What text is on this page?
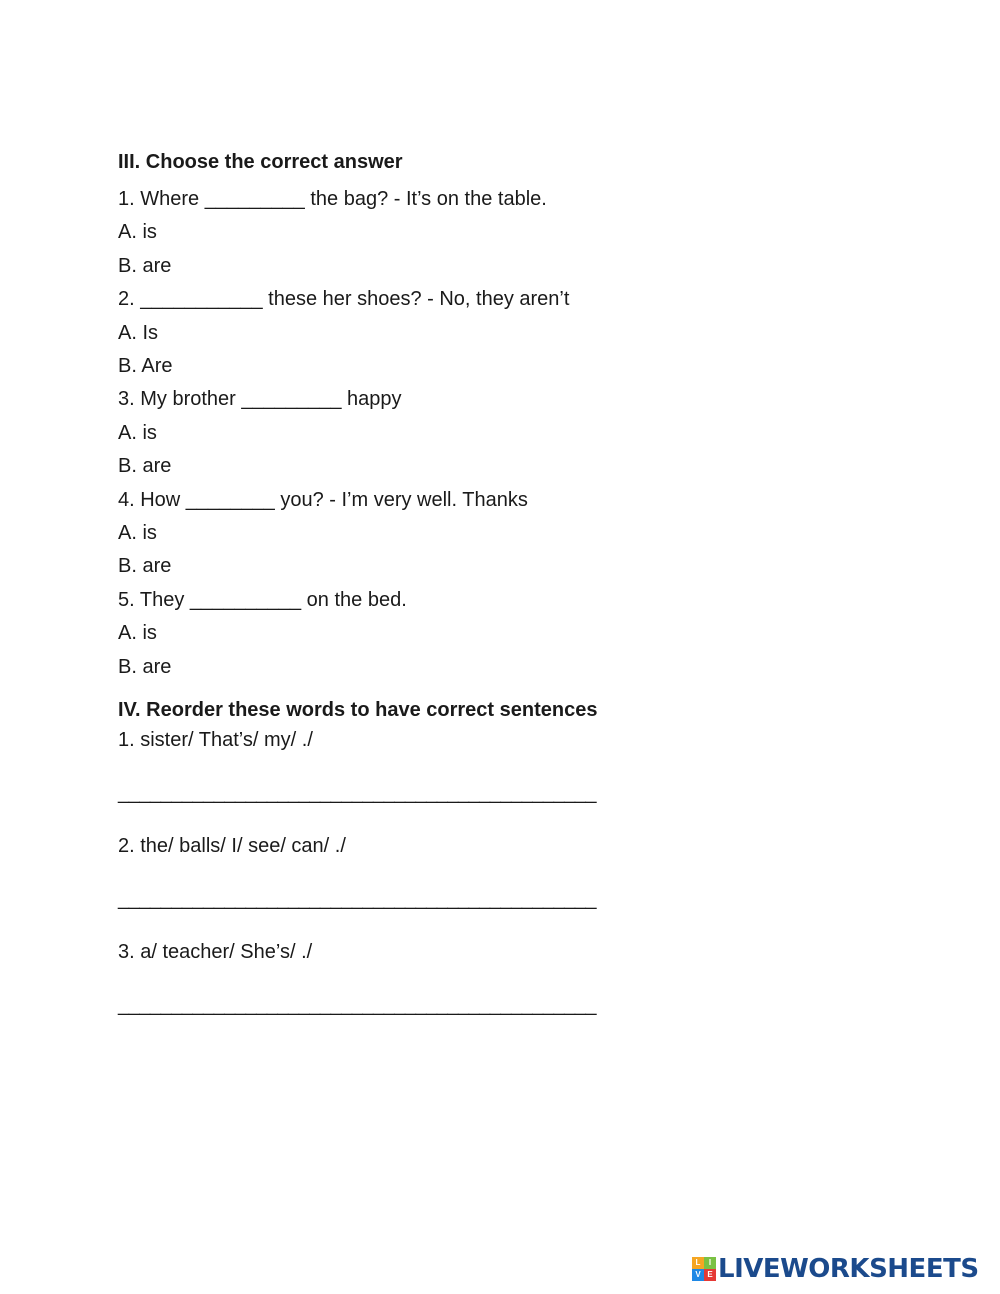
III. Choose the correct answer

1. Where _________ the bag? - It’s on the table.

A. is

B. are

2. ___________ these her shoes? - No, they aren’t

A. Is

B. Are

3. My brother _________ happy

A. is

B. are

4. How ________ you? - I’m very well. Thanks

A. is

B. are

5. They __________ on the bed.

A. is

B. are

IV. Reorder these words to have correct sentences

1. sister/ That’s/ my/ ./

_____________________________________________

2. the/ balls/ I/ see/ can/ ./

_____________________________________________

3. a/ teacher/ She’s/ ./

_____________________________________________

L	I
V E LIVEWORKSHEETS
